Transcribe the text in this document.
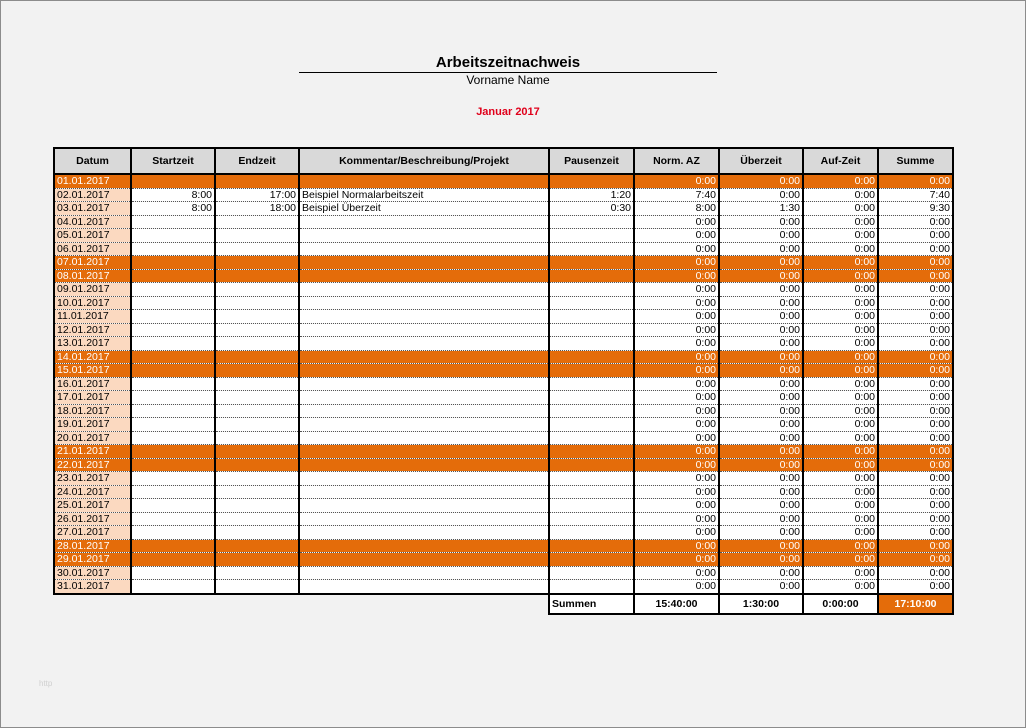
Arbeitszeitnachweis
Vorname Name
Januar 2017
Datum	Startzeit	Endzeit	Kommentar/Beschreibung/Projekt	Pausenzeit	Norm. AZ	Überzeit	Auf-Zeit	Summe
01.01.2017					0:00	0:00	0:00	0:00
02.01.2017	8:00	17:00	Beispiel Normalarbeitszeit	1:20	7:40	0:00	0:00	7:40
03.01.2017	8:00	18:00	Beispiel Überzeit	0:30	8:00	1:30	0:00	9:30
04.01.2017					0:00	0:00	0:00	0:00
05.01.2017					0:00	0:00	0:00	0:00
06.01.2017					0:00	0:00	0:00	0:00
07.01.2017					0:00	0:00	0:00	0:00
08.01.2017					0:00	0:00	0:00	0:00
09.01.2017					0:00	0:00	0:00	0:00
10.01.2017					0:00	0:00	0:00	0:00
11.01.2017					0:00	0:00	0:00	0:00
12.01.2017					0:00	0:00	0:00	0:00
13.01.2017					0:00	0:00	0:00	0:00
14.01.2017					0:00	0:00	0:00	0:00
15.01.2017					0:00	0:00	0:00	0:00
16.01.2017					0:00	0:00	0:00	0:00
17.01.2017					0:00	0:00	0:00	0:00
18.01.2017					0:00	0:00	0:00	0:00
19.01.2017					0:00	0:00	0:00	0:00
20.01.2017					0:00	0:00	0:00	0:00
21.01.2017					0:00	0:00	0:00	0:00
22.01.2017					0:00	0:00	0:00	0:00
23.01.2017					0:00	0:00	0:00	0:00
24.01.2017					0:00	0:00	0:00	0:00
25.01.2017					0:00	0:00	0:00	0:00
26.01.2017					0:00	0:00	0:00	0:00
27.01.2017					0:00	0:00	0:00	0:00
28.01.2017					0:00	0:00	0:00	0:00
29.01.2017					0:00	0:00	0:00	0:00
30.01.2017					0:00	0:00	0:00	0:00
31.01.2017					0:00	0:00	0:00	0:00
				Summen	15:40:00	1:30:00	0:00:00	17:10:00
http
